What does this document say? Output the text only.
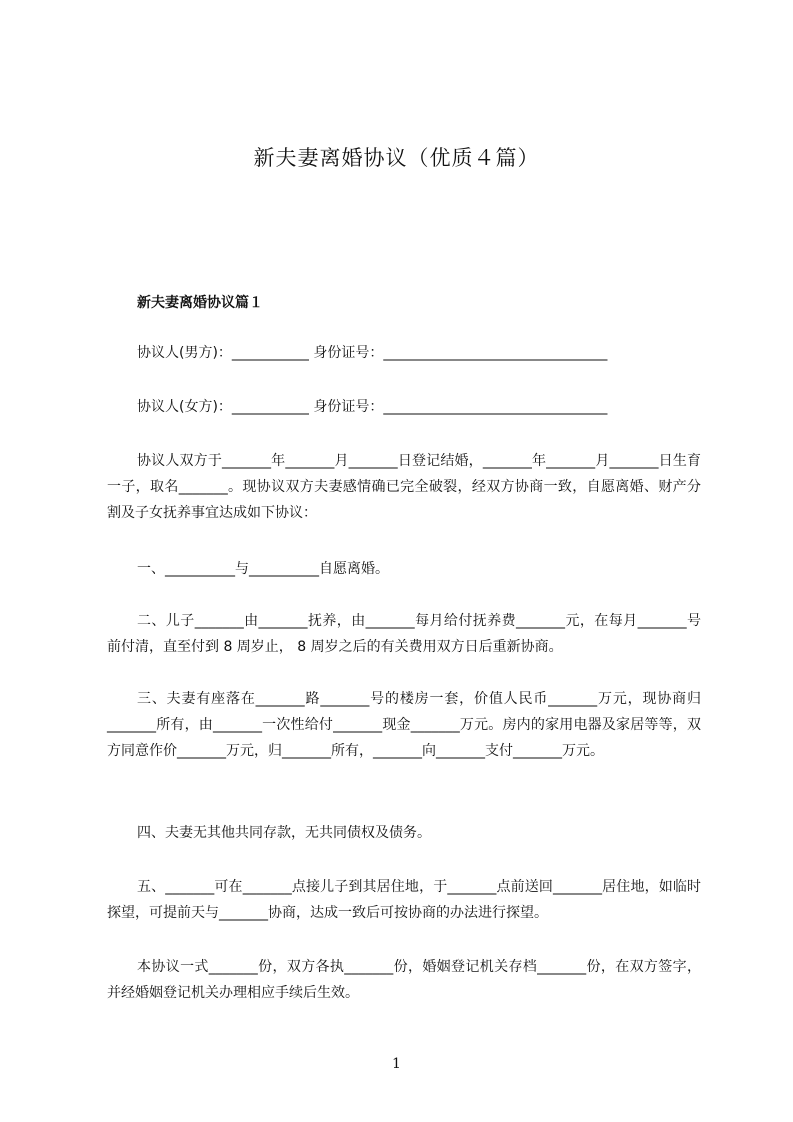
新夫妻离婚协议（优质４篇）
新夫妻离婚协议篇１
协议人(男方)：___________ 身份证号：________________________________
协议人(女方)：___________ 身份证号：________________________________
协议人双方于_______年_______月_______日登记结婚，_______年_______月_______日生育一子，取名_______。现协议双方夫妻感情确已完全破裂，经双方协商一致，自愿离婚、财产分割及子女抚养事宜达成如下协议：
一、__________与__________自愿离婚。
二、儿子_______由_______抚养，由_______每月给付抚养费_______元，在每月_______号前付清，直至付到 8 周岁止， 8 周岁之后的有关费用双方日后重新协商。
三、夫妻有座落在_______路_______号的楼房一套，价值人民币_______万元，现协商归_______所有，由_______一次性给付_______现金_______万元。房内的家用电器及家居等等，双方同意作价_______万元，归_______所有，_______向_______支付_______万元。
四、夫妻无其他共同存款，无共同债权及债务。
五、_______可在_______点接儿子到其居住地，于_______点前送回_______居住地，如临时探望，可提前天与_______协商，达成一致后可按协商的办法进行探望。
本协议一式_______份，双方各执_______份，婚姻登记机关存档_______份，在双方签字，并经婚姻登记机关办理相应手续后生效。
1
